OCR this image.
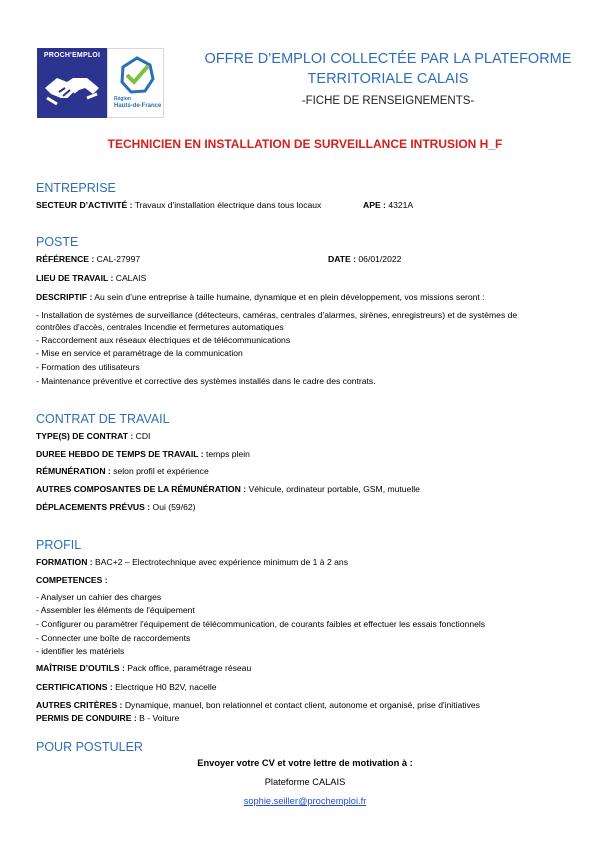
PROCH'EMPLOI
Région
Hauts-de-France
OFFRE D’EMPLOI COLLECTÉE PAR LA PLATEFORME
TERRITORIALE CALAIS
-FICHE DE RENSEIGNEMENTS-
TECHNICIEN EN INSTALLATION DE SURVEILLANCE INTRUSION H_F
ENTREPRISE
SECTEUR D’ACTIVITÉ : Travaux d'installation électrique dans tous locaux	APE : 4321A
POSTE
RÉFÉRENCE : CAL-27997	DATE : 06/01/2022
LIEU DE TRAVAIL : CALAIS
DESCRIPTIF : Au sein d’une entreprise à taille humaine, dynamique et en plein développement, vos missions seront :
- Installation de systèmes de surveillance (détecteurs, caméras, centrales d'alarmes, sirènes, enregistreurs) et de systèmes de
contrôles d'accès, centrales Incendie et fermetures automatiques
- Raccordement aux réseaux électriques et de télécommunications
- Mise en service et paramétrage de la communication
- Formation des utilisateurs
- Maintenance préventive et corrective des systèmes installés dans le cadre des contrats.
CONTRAT DE TRAVAIL
TYPE(S) DE CONTRAT : CDI
DUREE HEBDO DE TEMPS DE TRAVAIL : temps plein
RÉMUNÉRATION : selon profil et expérience
AUTRES COMPOSANTES DE LA RÉMUNÉRATION : Véhicule, ordinateur portable, GSM, mutuelle
DÉPLACEMENTS PRÉVUS : Oui (59/62)
PROFIL
FORMATION : BAC+2 – Electrotechnique avec expérience minimum de 1 à 2 ans
COMPETENCES :
- Analyser un cahier des charges
- Assembler les éléments de l'équipement
- Configurer ou paramétrer l'équipement de télécommunication, de courants faibles et effectuer les essais fonctionnels
- Connecter une boîte de raccordements
- identifier les matériels
MAÎTRISE D’OUTILS : Pack office, paramétrage réseau
CERTIFICATIONS : Electrique H0 B2V, nacelle
AUTRES CRITÈRES : Dynamique, manuel, bon relationnel et contact client, autonome et organisé, prise d'initiatives
PERMIS DE CONDUIRE : B - Voiture
POUR POSTULER
Envoyer votre CV et votre lettre de motivation à :
Plateforme CALAIS
sophie.seiller@prochemploi.fr
